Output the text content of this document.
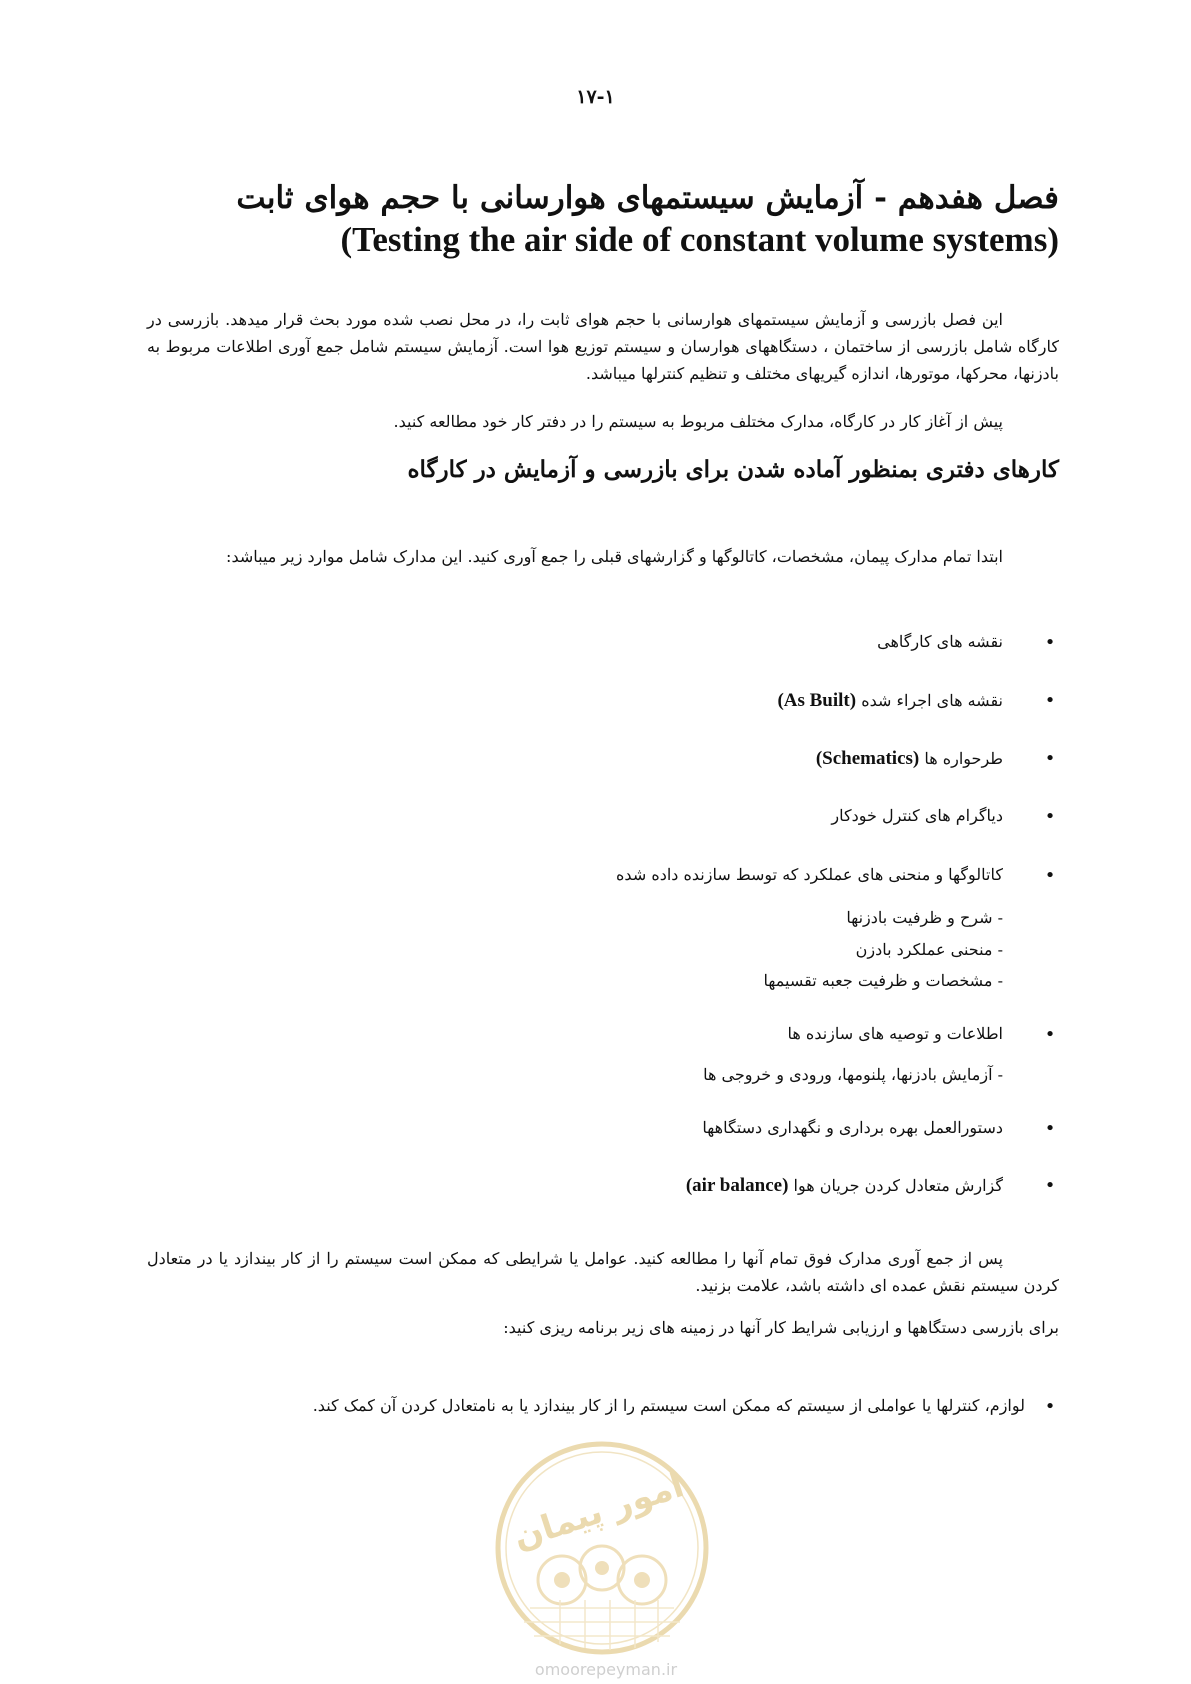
۱۷-۱
فصل هفدهم - آزمایش سیستمهای هوارسانی با حجم هوای ثابت
(Testing the air side of constant volume systems)

این فصل بازرسی و آزمایش سیستمهای هوارسانی با حجم هوای ثابت را، در محل نصب شده مورد بحث قرار میدهد. بازرسی در کارگاه شامل بازرسی از ساختمان ، دستگاههای هوارسان و سیستم توزیع هوا است. آزمایش سیستم شامل جمع آوری اطلاعات مربوط به بادزنها، محرکها، موتورها، اندازه گیریهای مختلف و تنظیم کنترلها میباشد.

پیش از آغاز کار در کارگاه، مدارک مختلف مربوط به سیستم را در دفتر کار خود مطالعه کنید.

کارهای دفتری بمنظور آماده شدن برای بازرسی و آزمایش در کارگاه

ابتدا تمام مدارک پیمان، مشخصات، کاتالوگها و گزارشهای قبلی را جمع آوری کنید. این مدارک شامل موارد زیر میباشد:

•
نقشه های کارگاهی
•
نقشه های اجراء شده (As Built)
•
طرحواره ها (Schematics)
•
دیاگرام های کنترل خودکار
•
کاتالوگها و منحنی های عملکرد که توسط سازنده داده شده
- شرح و ظرفیت بادزنها
- منحنی عملکرد بادزن
- مشخصات و ظرفیت جعبه تقسیمها
•
اطلاعات و توصیه های سازنده ها
- آزمایش بادزنها، پلنومها، ورودی و خروجی ها
•
دستورالعمل بهره برداری و نگهداری دستگاهها
•
گزارش متعادل کردن جریان هوا (air balance)

پس از جمع آوری مدارک فوق تمام آنها را مطالعه کنید. عوامل یا شرایطی که ممکن است سیستم را از کار بیندازد یا در متعادل کردن سیستم نقش عمده ای داشته باشد، علامت بزنید.

برای بازرسی دستگاهها و ارزیابی شرایط کار آنها در زمینه های زیر برنامه ریزی کنید:

•
لوازم، کنترلها یا عواملی از سیستم که ممکن است سیستم را از کار بیندازد یا به نامتعادل کردن آن کمک کند.
امور پیمان
omoorepeyman.ir
